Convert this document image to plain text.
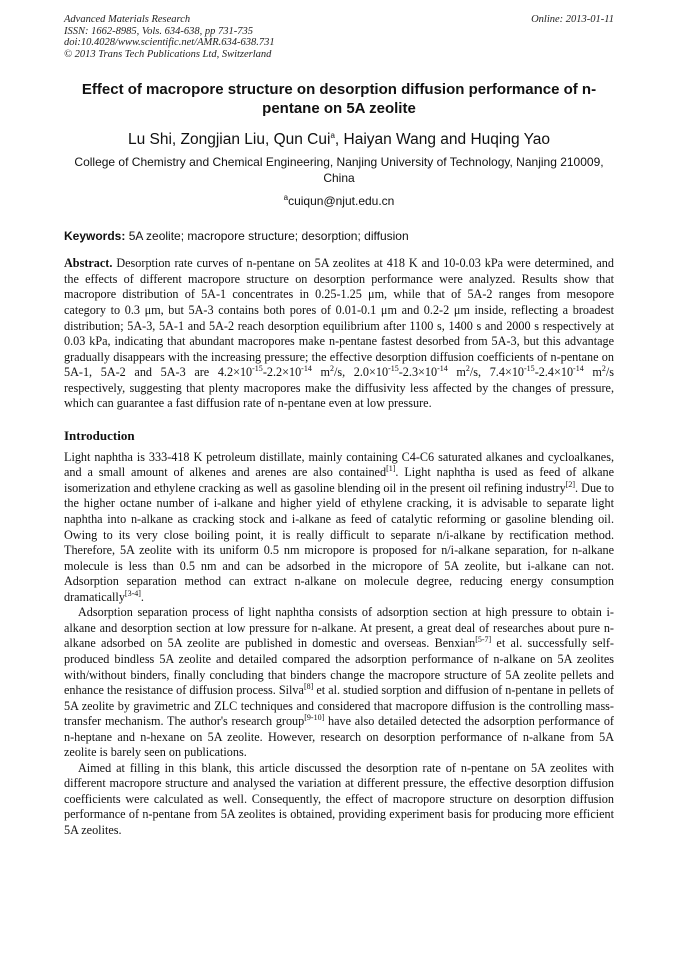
Advanced Materials Research
ISSN: 1662-8985, Vols. 634-638, pp 731-735
doi:10.4028/www.scientific.net/AMR.634-638.731
© 2013 Trans Tech Publications Ltd, Switzerland
Online: 2013-01-11
Effect of macropore structure on desorption diffusion performance of n-pentane on 5A zeolite
Lu Shi, Zongjian Liu, Qun Cui$^a$, Haiyan Wang and Huqing Yao
College of Chemistry and Chemical Engineering, Nanjing University of Technology, Nanjing 210009, China
$^a$cuiqun@njut.edu.cn
Keywords: 5A zeolite; macropore structure; desorption; diffusion
Abstract. Desorption rate curves of n-pentane on 5A zeolites at 418 K and 10-0.03 kPa were determined, and the effects of different macropore structure on desorption performance were analyzed. Results show that macropore distribution of 5A-1 concentrates in 0.25-1.25 μm, while that of 5A-2 ranges from mesopore category to 0.3 μm, but 5A-3 contains both pores of 0.01-0.1 μm and 0.2-2 μm inside, reflecting a broadest distribution; 5A-3, 5A-1 and 5A-2 reach desorption equilibrium after 1100 s, 1400 s and 2000 s respectively at 0.03 kPa, indicating that abundant macropores make n-pentane fastest desorbed from 5A-3, but this advantage gradually disappears with the increasing pressure; the effective desorption diffusion coefficients of n-pentane on 5A-1, 5A-2 and 5A-3 are $4.2\times 10^{-15}-2.2\times 10^{-14}$ $m^2/s$, $2.0\times 10^{-15}-2.3\times 10^{-14}$ $m^2/s$, $7.4\times 10^{-15}-2.4\times 10^{-14}$ $m^2/s$ respectively, suggesting that plenty macropores make the diffusivity less affected by the changes of pressure, which can guarantee a fast diffusion rate of n-pentane even at low pressure.
Introduction
Light naphtha is 333-418 K petroleum distillate, mainly containing C4-C6 saturated alkanes and cycloalkanes, and a small amount of alkenes and arenes are also contained[1]. Light naphtha is used as feed of alkane isomerization and ethylene cracking as well as gasoline blending oil in the present oil refining industry[2]. Due to the higher octane number of i-alkane and higher yield of ethylene cracking, it is advisable to separate light naphtha into n-alkane as cracking stock and i-alkane as feed of catalytic reforming or gasoline blending oil. Owing to its very close boiling point, it is really difficult to separate n/i-alkane by rectification method. Therefore, 5A zeolite with its uniform 0.5 nm micropore is proposed for n/i-alkane separation, for n-alkane molecule is less than 0.5 nm and can be adsorbed in the micropore of 5A zeolite, but i-alkane can not. Adsorption separation method can extract n-alkane on molecule degree, reducing energy consumption dramatically[3-4].
Adsorption separation process of light naphtha consists of adsorption section at high pressure to obtain i-alkane and desorption section at low pressure for n-alkane. At present, a great deal of researches about pure n-alkane adsorbed on 5A zeolite are published in domestic and overseas. Benxian[5-7] et al. successfully self-produced bindless 5A zeolite and detailed compared the adsorption performance of n-alkane on 5A zeolites with/without binders, finally concluding that binders change the macropore structure of 5A zeolite pellets and enhance the resistance of diffusion process. Silva[8] et al. studied sorption and diffusion of n-pentane in pellets of 5A zeolite by gravimetric and ZLC techniques and considered that macropore diffusion is the controlling mass-transfer mechanism. The author's research group[9-10] have also detailed detected the adsorption performance of n-heptane and n-hexane on 5A zeolite. However, research on desorption performance of n-alkane from 5A zeolite is barely seen on publications.
Aimed at filling in this blank, this article discussed the desorption rate of n-pentane on 5A zeolites with different macropore structure and analysed the variation at different pressure, the effective desorption diffusion coefficients were calculated as well. Consequently, the effect of macropore structure on desorption diffusion performance of n-pentane from 5A zeolites is obtained, providing experiment basis for producing more efficient 5A zeolites.
